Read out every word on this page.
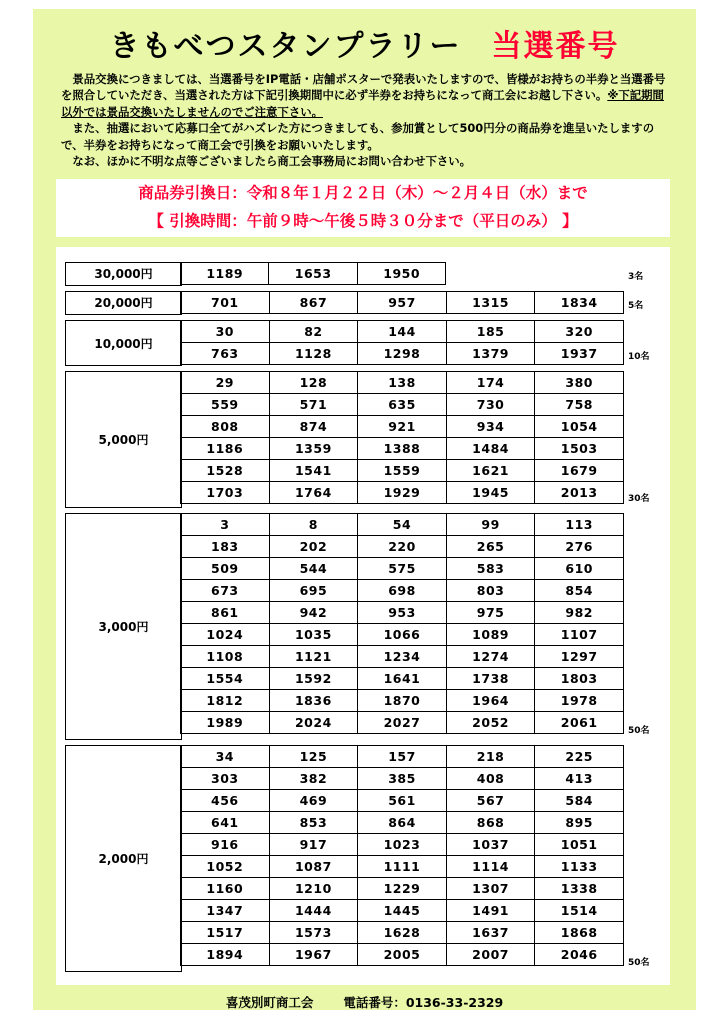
きもべつスタンプラリー 当選番号

景品交換につきましては、当選番号をIP電話・店舗ポスターで発表いたしますので、皆様がお持ちの半券と当選番号を照合していただき、当選された方は下記引換期間中に必ず半券をお持ちになって商工会にお越し下さい。※下記期間以外では景品交換いたしませんのでご注意下さい。

また、抽選において応募口全てがハズレた方につきましても、参加賞として500円分の商品券を進呈いたしますので、半券をお持ちになって商工会で引換をお願いいたします。

なお、ほかに不明な点等ございましたら商工会事務局にお問い合わせ下さい。

商品券引換日：令和８年１月２２日（木）～２月４日（水）まで
【 引換時間：午前９時～午後５時３０分まで（平日のみ） 】
30,000円	1189	1653	1950	3名
20,000円	701	867	957	1315	1834	5名
10,000円
30	82	144	185	320
763	1128	1298	1379	1937	10名
5,000円
29	128	138	174	380
559	571	635	730	758
808	874	921	934	1054
1186	1359	1388	1484	1503
1528	1541	1559	1621	1679
1703	1764	1929	1945	2013	30名
3,000円
3	8	54	99	113
183	202	220	265	276
509	544	575	583	610
673	695	698	803	854
861	942	953	975	982
1024	1035	1066	1089	1107
1108	1121	1234	1274	1297
1554	1592	1641	1738	1803
1812	1836	1870	1964	1978
1989	2024	2027	2052	2061
50名
2,000円
34	125	157	218	225
303	382	385	408	413
456	469	561	567	584
641	853	864	868	895
916	917	1023	1037	1051
1052	1087	1111	1114	1133
1160	1210	1229	1307	1338
1347	1444	1445	1491	1514
1517	1573	1628	1637	1868
1894	1967	2005	2007	2046
50名
喜茂別町商工会 電話番号：0136-33-2329
